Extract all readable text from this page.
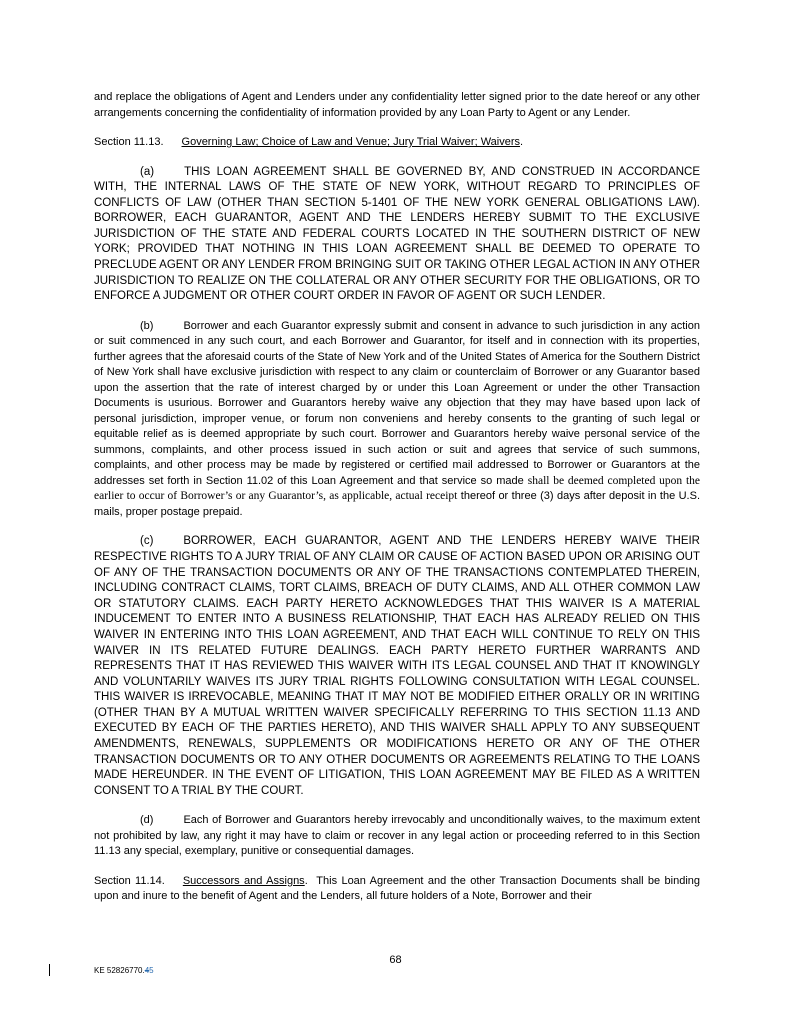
and replace the obligations of Agent and Lenders under any confidentiality letter signed prior to the date hereof or any other arrangements concerning the confidentiality of information provided by any Loan Party to Agent or any Lender.

Section 11.13. Governing Law; Choice of Law and Venue; Jury Trial Waiver; Waivers.

(a)	THIS LOAN AGREEMENT SHALL BE GOVERNED BY, AND CONSTRUED IN ACCORDANCE WITH, THE INTERNAL LAWS OF THE STATE OF NEW YORK, WITHOUT REGARD TO PRINCIPLES OF CONFLICTS OF LAW (OTHER THAN SECTION 5-1401 OF THE NEW YORK GENERAL OBLIGATIONS LAW). BORROWER, EACH GUARANTOR, AGENT AND THE LENDERS HEREBY SUBMIT TO THE EXCLUSIVE JURISDICTION OF THE STATE AND FEDERAL COURTS LOCATED IN THE SOUTHERN DISTRICT OF NEW YORK; PROVIDED THAT NOTHING IN THIS LOAN AGREEMENT SHALL BE DEEMED TO OPERATE TO PRECLUDE AGENT OR ANY LENDER FROM BRINGING SUIT OR TAKING OTHER LEGAL ACTION IN ANY OTHER JURISDICTION TO REALIZE ON THE COLLATERAL OR ANY OTHER SECURITY FOR THE OBLIGATIONS, OR TO ENFORCE A JUDGMENT OR OTHER COURT ORDER IN FAVOR OF AGENT OR SUCH LENDER.

(b)	Borrower and each Guarantor expressly submit and consent in advance to such jurisdiction in any action or suit commenced in any such court, and each Borrower and Guarantor, for itself and in connection with its properties, further agrees that the aforesaid courts of the State of New York and of the United States of America for the Southern District of New York shall have exclusive jurisdiction with respect to any claim or counterclaim of Borrower or any Guarantor based upon the assertion that the rate of interest charged by or under this Loan Agreement or under the other Transaction Documents is usurious. Borrower and Guarantors hereby waive any objection that they may have based upon lack of personal jurisdiction, improper venue, or forum non conveniens and hereby consents to the granting of such legal or equitable relief as is deemed appropriate by such court. Borrower and Guarantors hereby waive personal service of the summons, complaints, and other process issued in such action or suit and agrees that service of such summons, complaints, and other process may be made by registered or certified mail addressed to Borrower or Guarantors at the addresses set forth in Section 11.02 of this Loan Agreement and that service so made shall be deemed completed upon the earlier to occur of Borrower’s or any Guarantor’s, as applicable, actual receipt thereof or three (3) days after deposit in the U.S. mails, proper postage prepaid.

(c)	BORROWER, EACH GUARANTOR, AGENT AND THE LENDERS HEREBY WAIVE THEIR RESPECTIVE RIGHTS TO A JURY TRIAL OF ANY CLAIM OR CAUSE OF ACTION BASED UPON OR ARISING OUT OF ANY OF THE TRANSACTION DOCUMENTS OR ANY OF THE TRANSACTIONS CONTEMPLATED THEREIN, INCLUDING CONTRACT CLAIMS, TORT CLAIMS, BREACH OF DUTY CLAIMS, AND ALL OTHER COMMON LAW OR STATUTORY CLAIMS. EACH PARTY HERETO ACKNOWLEDGES THAT THIS WAIVER IS A MATERIAL INDUCEMENT TO ENTER INTO A BUSINESS RELATIONSHIP, THAT EACH HAS ALREADY RELIED ON THIS WAIVER IN ENTERING INTO THIS LOAN AGREEMENT, AND THAT EACH WILL CONTINUE TO RELY ON THIS WAIVER IN ITS RELATED FUTURE DEALINGS. EACH PARTY HERETO FURTHER WARRANTS AND REPRESENTS THAT IT HAS REVIEWED THIS WAIVER WITH ITS LEGAL COUNSEL AND THAT IT KNOWINGLY AND VOLUNTARILY WAIVES ITS JURY TRIAL RIGHTS FOLLOWING CONSULTATION WITH LEGAL COUNSEL. THIS WAIVER IS IRREVOCABLE, MEANING THAT IT MAY NOT BE MODIFIED EITHER ORALLY OR IN WRITING (OTHER THAN BY A MUTUAL WRITTEN WAIVER SPECIFICALLY REFERRING TO THIS SECTION 11.13 AND EXECUTED BY EACH OF THE PARTIES HERETO), AND THIS WAIVER SHALL APPLY TO ANY SUBSEQUENT AMENDMENTS, RENEWALS, SUPPLEMENTS OR MODIFICATIONS HERETO OR ANY OF THE OTHER TRANSACTION DOCUMENTS OR TO ANY OTHER DOCUMENTS OR AGREEMENTS RELATING TO THE LOANS MADE HEREUNDER. IN THE EVENT OF LITIGATION, THIS LOAN AGREEMENT MAY BE FILED AS A WRITTEN CONSENT TO A TRIAL BY THE COURT.

(d)	Each of Borrower and Guarantors hereby irrevocably and unconditionally waives, to the maximum extent not prohibited by law, any right it may have to claim or recover in any legal action or proceeding referred to in this Section 11.13 any special, exemplary, punitive or consequential damages.

Section 11.14. Successors and Assigns.  This Loan Agreement and the other Transaction Documents shall be binding upon and inure to the benefit of Agent and the Lenders, all future holders of a Note, Borrower and their

68
KE 52826770.45
